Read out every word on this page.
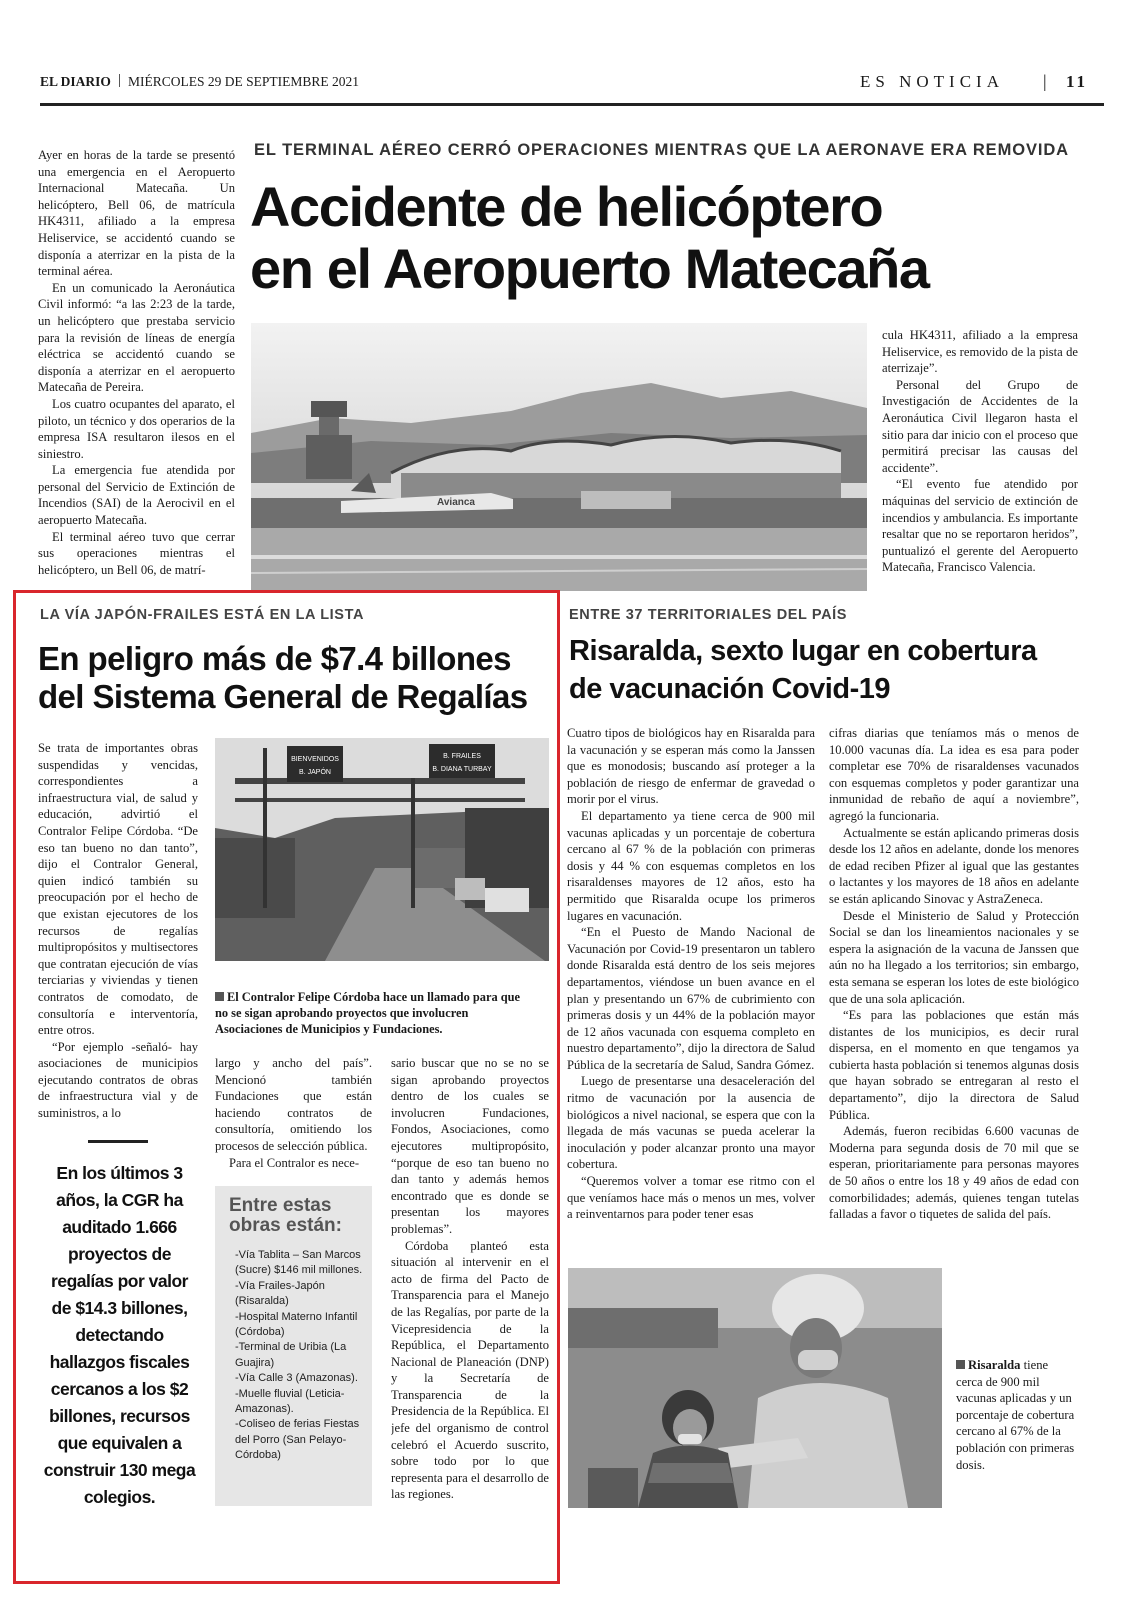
EL DIARIO | MIÉRCOLES 29 DE SEPTIEMBRE 2021	ES NOTICIA | 11

Ayer en horas de la tarde se presentó una emergencia en el Aeropuerto Internacional Matecaña. Un helicóptero, Bell 06, de matrícula HK4311, afiliado a la empresa Heliservice, se accidentó cuando se disponía a aterrizar en la pista de la terminal aérea.

En un comunicado la Aeronáutica Civil informó: “a las 2:23 de la tarde, un helicóptero que prestaba servicio para la revisión de líneas de energía eléctrica se accidentó cuando se disponía a aterrizar en el aeropuerto Matecaña de Pereira.

Los cuatro ocupantes del aparato, el piloto, un técnico y dos operarios de la empresa ISA resultaron ilesos en el siniestro.

La emergencia fue atendida por personal del Servicio de Extinción de Incendios (SAI) de la Aerocivil en el aeropuerto Matecaña.

El terminal aéreo tuvo que cerrar sus operaciones mientras el helicóptero, un Bell 06, de matrí-

EL TERMINAL AÉREO CERRÓ OPERACIONES MIENTRAS QUE LA AERONAVE ERA REMOVIDA
Accidente de helicóptero
en el Aeropuerto Matecaña
Avianca

cula HK4311, afiliado a la empresa Heliservice, es removido de la pista de aterrizaje”.

Personal del Grupo de Investigación de Accidentes de la Aeronáutica Civil llegaron hasta el sitio para dar inicio con el proceso que permitirá precisar las causas del accidente”.

“El evento fue atendido por máquinas del servicio de extinción de incendios y ambulancia. Es importante resaltar que no se reportaron heridos”, puntualizó el gerente del Aeropuerto Matecaña, Francisco Valencia.

LA VÍA JAPÓN-FRAILES ESTÁ EN LA LISTA
En peligro más de $7.4 billones
del Sistema General de Regalías

Se trata de importantes obras suspendidas y vencidas, correspondientes a infraestructura vial, de salud y educación, advirtió el Contralor Felipe Córdoba. “De eso tan bueno no dan tanto”, dijo el Contralor General, quien indicó también su preocupación por el hecho de que existan ejecutores de los recursos de regalías multipropósitos y multisectores que contratan ejecución de vías terciarias y viviendas y tienen contratos de comodato, de consultoría e interventoría, entre otros.

“Por ejemplo -señaló- hay asociaciones de municipios ejecutando contratos de obras de infraestructura vial y de suministros, a lo

BIENVENIDOS
B. JAPÓN
B. FRAILES
B. DIANA TURBAY
El Contralor Felipe Córdoba hace un llamado para que no se sigan aprobando proyectos que involucren Asociaciones de Municipios y Fundaciones.

largo y ancho del país”. Mencionó también Fundaciones que están haciendo contratos de consultoría, omitiendo los procesos de selección pública.

Para el Contralor es nece-

Entre estas
obras están:
-Vía Tablita – San Marcos (Sucre) $146 mil millones.
-Vía Frailes-Japón (Risaralda)
-Hospital Materno Infantil (Córdoba)
-Terminal de Uribia (La Guajira)
-Vía Calle 3 (Amazonas).
-Muelle fluvial (Leticia-Amazonas).
-Coliseo de ferias Fiestas del Porro (San Pelayo-Córdoba)

sario buscar que no se no se sigan aprobando proyectos dentro de los cuales se involucren Fundaciones, Fondos, Asociaciones, como ejecutores multipropósito, “porque de eso tan bueno no dan tanto y además hemos encontrado que es donde se presentan los mayores problemas”.

Córdoba planteó esta situación al intervenir en el acto de firma del Pacto de Transparencia para el Manejo de las Regalías, por parte de la Vicepresidencia de la República, el Departamento Nacional de Planeación (DNP) y la Secretaría de Transparencia de la Presidencia de la República. El jefe del organismo de control celebró el Acuerdo suscrito, sobre todo por lo que representa para el desarrollo de las regiones.

En los últimos 3 años, la CGR ha auditado 1.666 proyectos de regalías por valor de $14.3 billones, detectando hallazgos fiscales cercanos a los $2 billones, recursos que equivalen a construir 130 mega colegios.
ENTRE 37 TERRITORIALES DEL PAÍS
Risaralda, sexto lugar en cobertura
de vacunación Covid-19

Cuatro tipos de biológicos hay en Risaralda para la vacunación y se esperan más como la Janssen que es monodosis; buscando así proteger a la población de riesgo de enfermar de gravedad o morir por el virus.

El departamento ya tiene cerca de 900 mil vacunas aplicadas y un porcentaje de cobertura cercano al 67 % de la población con primeras dosis y 44 % con esquemas completos en los risaraldenses mayores de 12 años, esto ha permitido que Risaralda ocupe los primeros lugares en vacunación.

“En el Puesto de Mando Nacional de Vacunación por Covid-19 presentaron un tablero donde Risaralda está dentro de los seis mejores departamentos, viéndose un buen avance en el plan y presentando un 67% de cubrimiento con primeras dosis y un 44% de la población mayor de 12 años vacunada con esquema completo en nuestro departamento”, dijo la directora de Salud Pública de la secretaría de Salud, Sandra Gómez.

Luego de presentarse una desaceleración del ritmo de vacunación por la ausencia de biológicos a nivel nacional, se espera que con la llegada de más vacunas se pueda acelerar la inoculación y poder alcanzar pronto una mayor cobertura.

“Queremos volver a tomar ese ritmo con el que veníamos hace más o menos un mes, volver a reinventarnos para poder tener esas

cifras diarias que teníamos más o menos de 10.000 vacunas día. La idea es esa para poder completar ese 70% de risaraldenses vacunados con esquemas completos y poder garantizar una inmunidad de rebaño de aquí a noviembre”, agregó la funcionaria.

Actualmente se están aplicando primeras dosis desde los 12 años en adelante, donde los menores de edad reciben Pfizer al igual que las gestantes o lactantes y los mayores de 18 años en adelante se están aplicando Sinovac y AstraZeneca.

Desde el Ministerio de Salud y Protección Social se dan los lineamientos nacionales y se espera la asignación de la vacuna de Janssen que aún no ha llegado a los territorios; sin embargo, esta semana se esperan los lotes de este biológico que de una sola aplicación.

“Es para las poblaciones que están más distantes de los municipios, es decir rural dispersa, en el momento en que tengamos ya cubierta hasta población si tenemos algunas dosis que hayan sobrado se entregaran al resto el departamento”, dijo la directora de Salud Pública.

Además, fueron recibidas 6.600 vacunas de Moderna para segunda dosis de 70 mil que se esperan, prioritariamente para personas mayores de 50 años o entre los 18 y 49 años de edad con comorbilidades; además, quienes tengan tutelas falladas a favor o tiquetes de salida del país.

Risaralda tiene cerca de 900 mil vacunas aplicadas y un porcentaje de cobertura cercano al 67% de la población con primeras dosis.
